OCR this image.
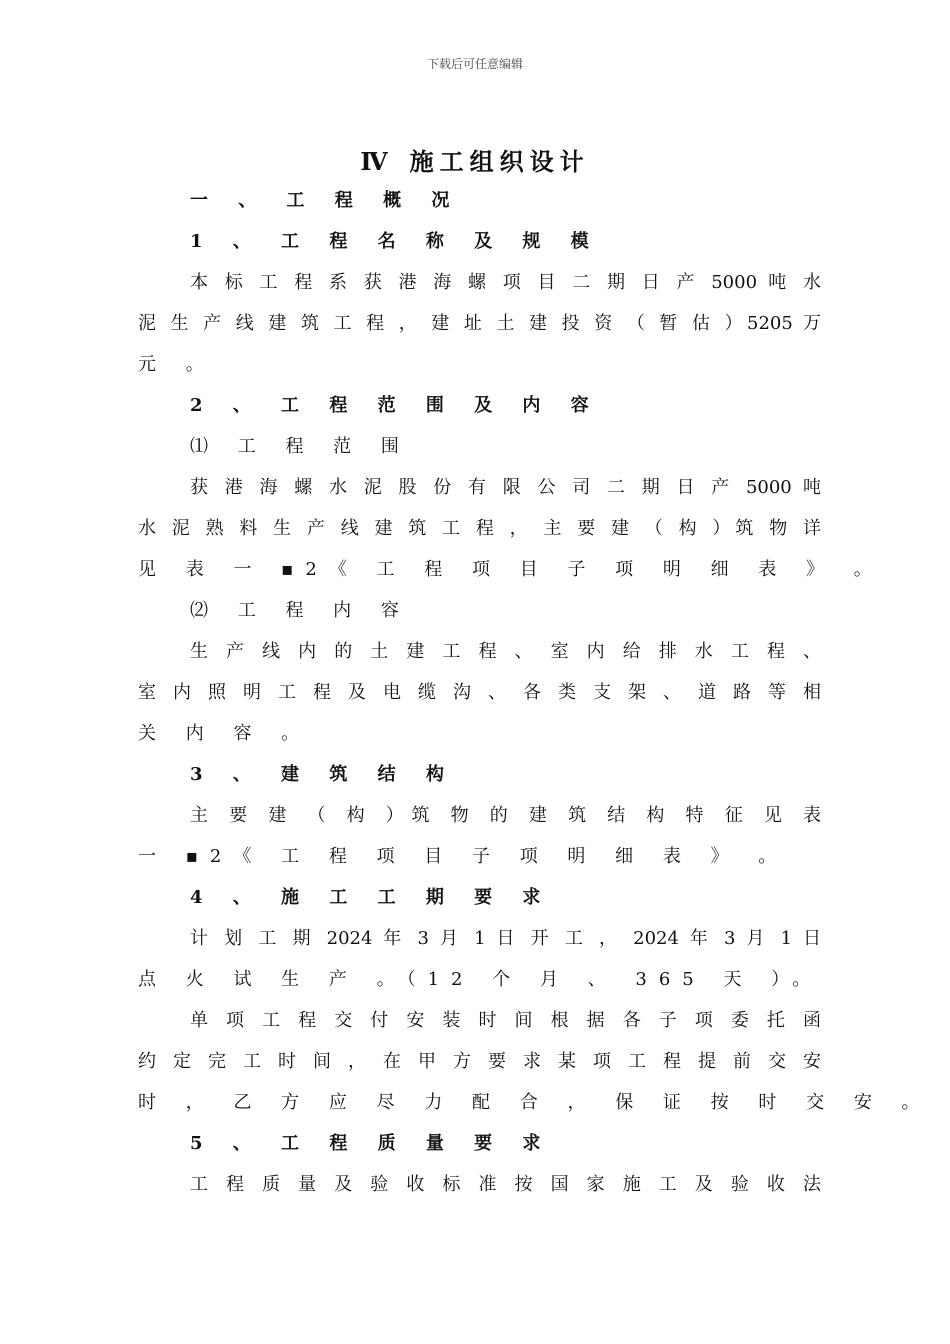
下载后可任意编辑
Ⅳ 施工组织设计
一 、 工 程 概 况
1 、 工 程 名 称 及 规 模
本 标 工 程 系 获 港 海 螺 项 目 二 期 日 产 5000 吨 水
泥 生 产 线 建 筑 工 程 ， 建 址 土 建 投 资 （ 暂 估 ）5205 万
元 。
2 、 工 程 范 围 及 内 容
⑴ 工 程 范 围
获 港 海 螺 水 泥 股 份 有 限 公 司 二 期 日 产 5000 吨
水 泥 熟 料 生 产 线 建 筑 工 程 ， 主 要 建 （ 构 ）筑 物 详
见 表 一 ▪2《 工 程 项 目 子 项 明 细 表 》 。
⑵ 工 程 内 容
生 产 线 内 的 土 建 工 程 、 室 内 给 排 水 工 程 、
室 内 照 明 工 程 及 电 缆 沟 、 各 类 支 架 、 道 路 等 相
关 内 容 。
3 、 建 筑 结 构
主 要 建 （ 构 ）筑 物 的 建 筑 结 构 特 征 见 表
一 ▪2《 工 程 项 目 子 项 明 细 表 》 。
4 、 施 工 工 期 要 求
计 划 工 期 2024 年 3 月 1 日 开 工 ， 2024 年 3 月 1 日
点 火 试 生 产 。（12 个 月 、 365 天 ）。
单 项 工 程 交 付 安 装 时 间 根 据 各 子 项 委 托 函
约 定 完 工 时 间 ， 在 甲 方 要 求 某 项 工 程 提 前 交 安
时 ， 乙 方 应 尽 力 配 合 ， 保 证 按 时 交 安 。
5 、 工 程 质 量 要 求
工 程 质 量 及 验 收 标 准 按 国 家 施 工 及 验 收 法
